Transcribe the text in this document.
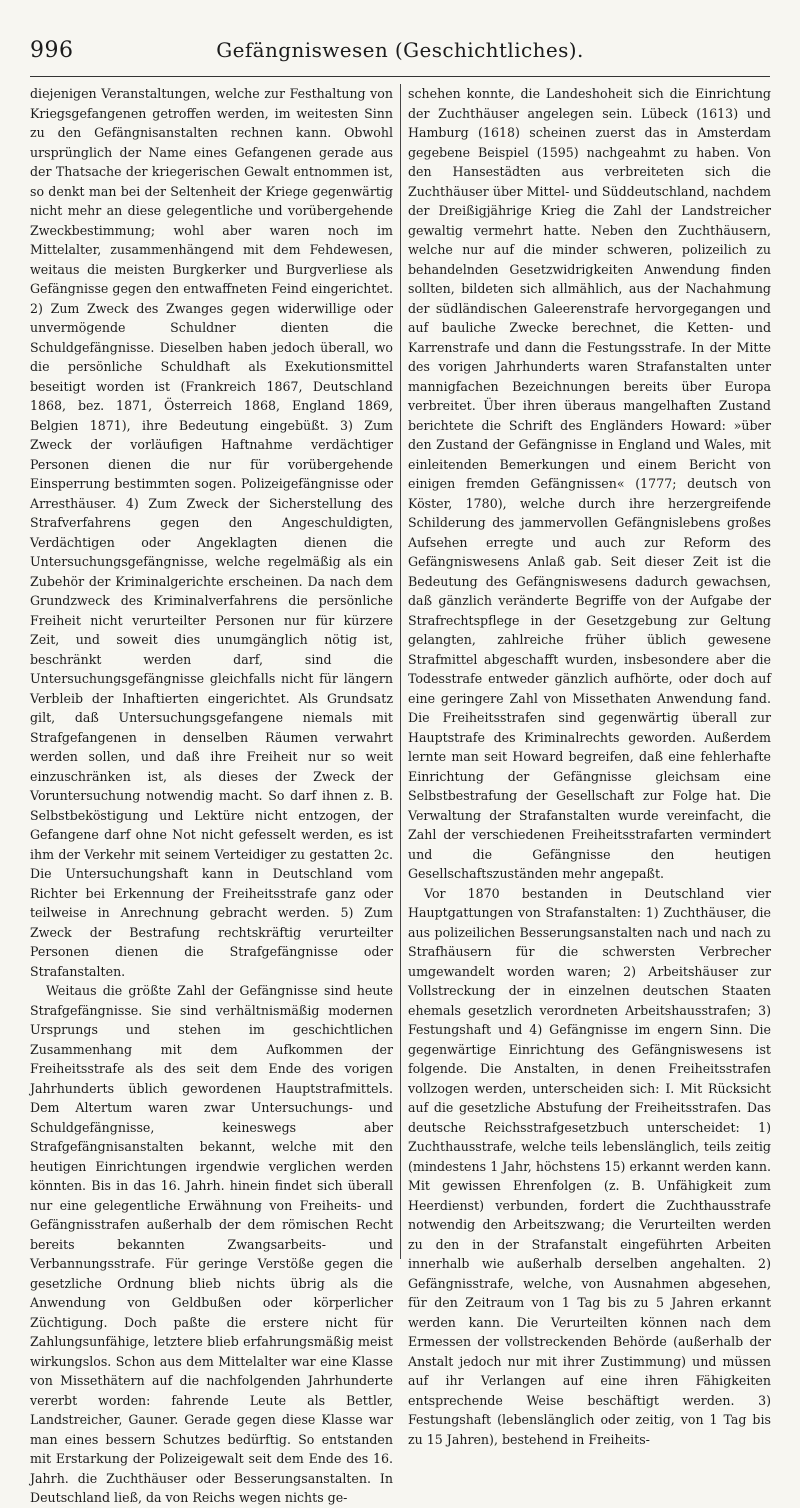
996	Gefängniswesen (Geschichtliches).

diejenigen Veranstaltungen, welche zur Festhaltung von Kriegsgefangenen getroffen werden, im weitesten Sinn zu den Gefängnisanstalten rechnen kann. Obwohl ursprünglich der Name eines Gefangenen gerade aus der Thatsache der kriegerischen Gewalt entnommen ist, so denkt man bei der Seltenheit der Kriege gegenwärtig nicht mehr an diese gelegentliche und vorübergehende Zweckbestimmung; wohl aber waren noch im Mittelalter, zusammenhängend mit dem Fehdewesen, weitaus die meisten Burgkerker und Burgverliese als Gefängnisse gegen den entwaffneten Feind eingerichtet. 2) Zum Zweck des Zwanges gegen widerwillige oder unvermögende Schuldner dienten die Schuldgefängnisse. Dieselben haben jedoch überall, wo die persönliche Schuldhaft als Exekutionsmittel beseitigt worden ist (Frankreich 1867, Deutschland 1868, bez. 1871, Österreich 1868, England 1869, Belgien 1871), ihre Bedeutung eingebüßt. 3) Zum Zweck der vorläufigen Haftnahme verdächtiger Personen dienen die nur für vorübergehende Einsperrung bestimmten sogen. Polizeigefängnisse oder Arresthäuser. 4) Zum Zweck der Sicherstellung des Strafverfahrens gegen den Angeschuldigten, Verdächtigen oder Angeklagten dienen die Untersuchungsgefängnisse, welche regelmäßig als ein Zubehör der Kriminalgerichte erscheinen. Da nach dem Grundzweck des Kriminalverfahrens die persönliche Freiheit nicht verurteilter Personen nur für kürzere Zeit, und soweit dies unumgänglich nötig ist, beschränkt werden darf, sind die Untersuchungsgefängnisse gleichfalls nicht für längern Verbleib der Inhaftierten eingerichtet. Als Grundsatz gilt, daß Untersuchungsgefangene niemals mit Strafgefangenen in denselben Räumen verwahrt werden sollen, und daß ihre Freiheit nur so weit einzuschränken ist, als dieses der Zweck der Voruntersuchung notwendig macht. So darf ihnen z. B. Selbstbeköstigung und Lektüre nicht entzogen, der Gefangene darf ohne Not nicht gefesselt werden, es ist ihm der Verkehr mit seinem Verteidiger zu gestatten 2c. Die Untersuchungshaft kann in Deutschland vom Richter bei Erkennung der Freiheitsstrafe ganz oder teilweise in Anrechnung gebracht werden. 5) Zum Zweck der Bestrafung rechtskräftig verurteilter Personen dienen die Strafgefängnisse oder Strafanstalten.

Weitaus die größte Zahl der Gefängnisse sind heute Strafgefängnisse. Sie sind verhältnismäßig modernen Ursprungs und stehen im geschichtlichen Zusammenhang mit dem Aufkommen der Freiheitsstrafe als des seit dem Ende des vorigen Jahrhunderts üblich gewordenen Hauptstrafmittels. Dem Altertum waren zwar Untersuchungs- und Schuldgefängnisse, keineswegs aber Strafgefängnisanstalten bekannt, welche mit den heutigen Einrichtungen irgendwie verglichen werden könnten. Bis in das 16. Jahrh. hinein findet sich überall nur eine gelegentliche Erwähnung von Freiheits- und Gefängnisstrafen außerhalb der dem römischen Recht bereits bekannten Zwangsarbeits- und Verbannungsstrafe. Für geringe Verstöße gegen die gesetzliche Ordnung blieb nichts übrig als die Anwendung von Geldbußen oder körperlicher Züchtigung. Doch paßte die erstere nicht für Zahlungsunfähige, letztere blieb erfahrungsmäßig meist wirkungslos. Schon aus dem Mittelalter war eine Klasse von Missethätern auf die nachfolgenden Jahrhunderte vererbt worden: fahrende Leute als Bettler, Landstreicher, Gauner. Gerade gegen diese Klasse war man eines bessern Schutzes bedürftig. So entstanden mit Erstarkung der Polizeigewalt seit dem Ende des 16. Jahrh. die Zuchthäuser oder Besserungsanstalten. In Deutschland ließ, da von Reichs wegen nichts ge-

schehen konnte, die Landeshoheit sich die Einrichtung der Zuchthäuser angelegen sein. Lübeck (1613) und Hamburg (1618) scheinen zuerst das in Amsterdam gegebene Beispiel (1595) nachgeahmt zu haben. Von den Hansestädten aus verbreiteten sich die Zuchthäuser über Mittel- und Süddeutschland, nachdem der Dreißigjährige Krieg die Zahl der Landstreicher gewaltig vermehrt hatte. Neben den Zuchthäusern, welche nur auf die minder schweren, polizeilich zu behandelnden Gesetzwidrigkeiten Anwendung finden sollten, bildeten sich allmählich, aus der Nachahmung der südländischen Galeerenstrafe hervorgegangen und auf bauliche Zwecke berechnet, die Ketten- und Karrenstrafe und dann die Festungsstrafe. In der Mitte des vorigen Jahrhunderts waren Strafanstalten unter mannigfachen Bezeichnungen bereits über Europa verbreitet. Über ihren überaus mangelhaften Zustand berichtete die Schrift des Engländers Howard: »über den Zustand der Gefängnisse in England und Wales, mit einleitenden Bemerkungen und einem Bericht von einigen fremden Gefängnissen« (1777; deutsch von Köster, 1780), welche durch ihre herzergreifende Schilderung des jammervollen Gefängnislebens großes Aufsehen erregte und auch zur Reform des Gefängniswesens Anlaß gab. Seit dieser Zeit ist die Bedeutung des Gefängniswesens dadurch gewachsen, daß gänzlich veränderte Begriffe von der Aufgabe der Strafrechtspflege in der Gesetzgebung zur Geltung gelangten, zahlreiche früher üblich gewesene Strafmittel abgeschafft wurden, insbesondere aber die Todesstrafe entweder gänzlich aufhörte, oder doch auf eine geringere Zahl von Missethaten Anwendung fand. Die Freiheitsstrafen sind gegenwärtig überall zur Hauptstrafe des Kriminalrechts geworden. Außerdem lernte man seit Howard begreifen, daß eine fehlerhafte Einrichtung der Gefängnisse gleichsam eine Selbstbestrafung der Gesellschaft zur Folge hat. Die Verwaltung der Strafanstalten wurde vereinfacht, die Zahl der verschiedenen Freiheitsstrafarten vermindert und die Gefängnisse den heutigen Gesellschaftszuständen mehr angepaßt.

Vor 1870 bestanden in Deutschland vier Hauptgattungen von Strafanstalten: 1) Zuchthäuser, die aus polizeilichen Besserungsanstalten nach und nach zu Strafhäusern für die schwersten Verbrecher umgewandelt worden waren; 2) Arbeitshäuser zur Vollstreckung der in einzelnen deutschen Staaten ehemals gesetzlich verordneten Arbeitshausstrafen; 3) Festungshaft und 4) Gefängnisse im engern Sinn. Die gegenwärtige Einrichtung des Gefängniswesens ist folgende. Die Anstalten, in denen Freiheitsstrafen vollzogen werden, unterscheiden sich: I. Mit Rücksicht auf die gesetzliche Abstufung der Freiheitsstrafen. Das deutsche Reichsstrafgesetzbuch unterscheidet: 1) Zuchthausstrafe, welche teils lebenslänglich, teils zeitig (mindestens 1 Jahr, höchstens 15) erkannt werden kann. Mit gewissen Ehrenfolgen (z. B. Unfähigkeit zum Heerdienst) verbunden, fordert die Zuchthausstrafe notwendig den Arbeitszwang; die Verurteilten werden zu den in der Strafanstalt eingeführten Arbeiten innerhalb wie außerhalb derselben angehalten. 2) Gefängnisstrafe, welche, von Ausnahmen abgesehen, für den Zeitraum von 1 Tag bis zu 5 Jahren erkannt werden kann. Die Verurteilten können nach dem Ermessen der vollstreckenden Behörde (außerhalb der Anstalt jedoch nur mit ihrer Zustimmung) und müssen auf ihr Verlangen auf eine ihren Fähigkeiten entsprechende Weise beschäftigt werden. 3) Festungshaft (lebenslänglich oder zeitig, von 1 Tag bis zu 15 Jahren), bestehend in Freiheits-
